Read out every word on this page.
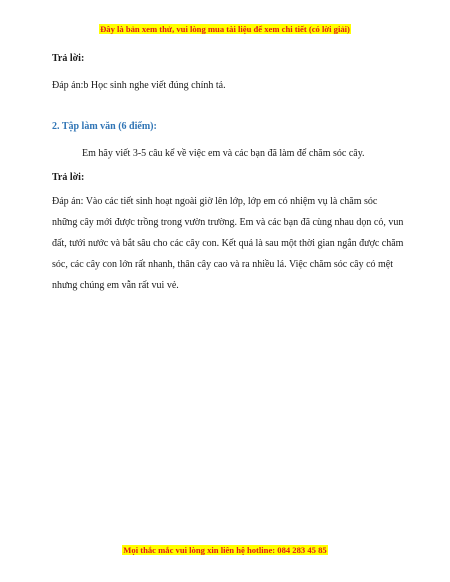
Đây là bản xem thử, vui lòng mua tài liệu để xem chi tiết (có lời giải)

Trả lời:

Đáp án:b Học sinh nghe viết đúng chính tả.

2. Tập làm văn (6 điểm):

Em hãy viết 3-5 câu kể về việc em và các bạn đã làm để chăm sóc cây.

Trả lời:

Đáp án: Vào các tiết sinh hoạt ngoài giờ lên lớp, lớp em có nhiệm vụ là chăm sóc những cây mới được trồng trong vườn trường. Em và các bạn đã cùng nhau dọn cỏ, vun đất, tưới nước và bắt sâu cho các cây con. Kết quả là sau một thời gian ngắn được chăm sóc, các cây con lớn rất nhanh, thân cây cao và ra nhiều lá. Việc chăm sóc cây có mệt nhưng chúng em vẫn rất vui vẻ.

Mọi thắc mắc vui lòng xin liên hệ hotline: 084 283 45 85
